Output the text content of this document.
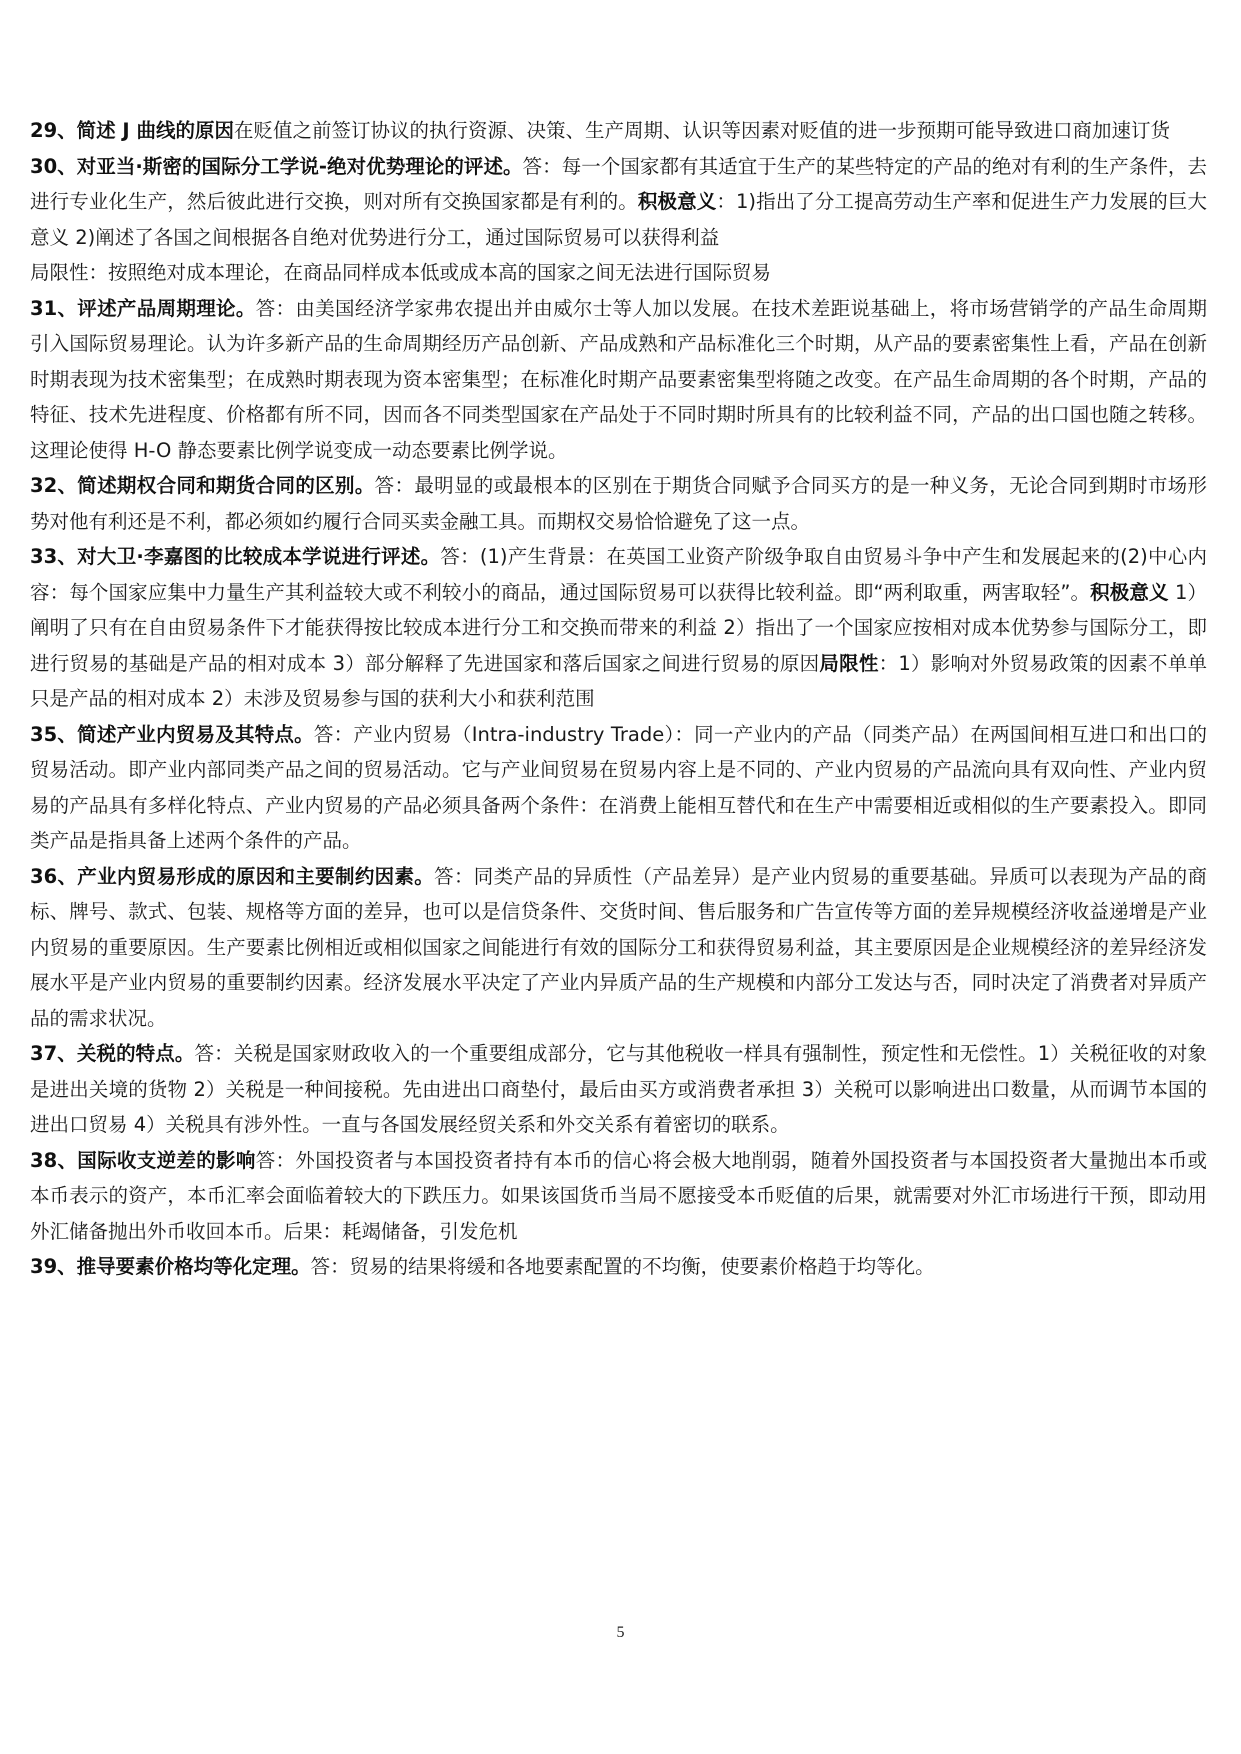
29、简述 J 曲线的原因在贬值之前签订协议的执行资源、决策、生产周期、认识等因素对贬值的进一步预期可能导致进口商加速订货

30、对亚当·斯密的国际分工学说-绝对优势理论的评述。答：每一个国家都有其适宜于生产的某些特定的产品的绝对有利的生产条件，去进行专业化生产，然后彼此进行交换，则对所有交换国家都是有利的。积极意义：1)指出了分工提高劳动生产率和促进生产力发展的巨大意义 2)阐述了各国之间根据各自绝对优势进行分工，通过国际贸易可以获得利益

局限性：按照绝对成本理论，在商品同样成本低或成本高的国家之间无法进行国际贸易

31、评述产品周期理论。答：由美国经济学家弗农提出并由威尔士等人加以发展。在技术差距说基础上，将市场营销学的产品生命周期引入国际贸易理论。认为许多新产品的生命周期经历产品创新、产品成熟和产品标准化三个时期，从产品的要素密集性上看，产品在创新时期表现为技术密集型；在成熟时期表现为资本密集型；在标准化时期产品要素密集型将随之改变。在产品生命周期的各个时期，产品的特征、技术先进程度、价格都有所不同，因而各不同类型国家在产品处于不同时期时所具有的比较利益不同，产品的出口国也随之转移。这理论使得 H-O 静态要素比例学说变成一动态要素比例学说。

32、简述期权合同和期货合同的区别。答：最明显的或最根本的区别在于期货合同赋予合同买方的是一种义务，无论合同到期时市场形势对他有利还是不利，都必须如约履行合同买卖金融工具。而期权交易恰恰避免了这一点。

33、对大卫·李嘉图的比较成本学说进行评述。答：(1)产生背景：在英国工业资产阶级争取自由贸易斗争中产生和发展起来的(2)中心内容：每个国家应集中力量生产其利益较大或不利较小的商品，通过国际贸易可以获得比较利益。即“两利取重，两害取轻”。积极意义 1）阐明了只有在自由贸易条件下才能获得按比较成本进行分工和交换而带来的利益 2）指出了一个国家应按相对成本优势参与国际分工，即进行贸易的基础是产品的相对成本 3）部分解释了先进国家和落后国家之间进行贸易的原因局限性：1）影响对外贸易政策的因素不单单只是产品的相对成本 2）未涉及贸易参与国的获利大小和获利范围

35、简述产业内贸易及其特点。答：产业内贸易（Intra-industry Trade）：同一产业内的产品（同类产品）在两国间相互进口和出口的贸易活动。即产业内部同类产品之间的贸易活动。它与产业间贸易在贸易内容上是不同的、产业内贸易的产品流向具有双向性、产业内贸易的产品具有多样化特点、产业内贸易的产品必须具备两个条件：在消费上能相互替代和在生产中需要相近或相似的生产要素投入。即同类产品是指具备上述两个条件的产品。

36、产业内贸易形成的原因和主要制约因素。答：同类产品的异质性（产品差异）是产业内贸易的重要基础。异质可以表现为产品的商标、牌号、款式、包装、规格等方面的差异，也可以是信贷条件、交货时间、售后服务和广告宣传等方面的差异规模经济收益递增是产业内贸易的重要原因。生产要素比例相近或相似国家之间能进行有效的国际分工和获得贸易利益，其主要原因是企业规模经济的差异经济发展水平是产业内贸易的重要制约因素。经济发展水平决定了产业内异质产品的生产规模和内部分工发达与否，同时决定了消费者对异质产品的需求状况。

37、关税的特点。答：关税是国家财政收入的一个重要组成部分，它与其他税收一样具有强制性，预定性和无偿性。1）关税征收的对象是进出关境的货物 2）关税是一种间接税。先由进出口商垫付，最后由买方或消费者承担 3）关税可以影响进出口数量，从而调节本国的进出口贸易 4）关税具有涉外性。一直与各国发展经贸关系和外交关系有着密切的联系。

38、国际收支逆差的影响答：外国投资者与本国投资者持有本币的信心将会极大地削弱，随着外国投资者与本国投资者大量抛出本币或本币表示的资产，本币汇率会面临着较大的下跌压力。如果该国货币当局不愿接受本币贬值的后果，就需要对外汇市场进行干预，即动用外汇储备抛出外币收回本币。后果：耗竭储备，引发危机

39、推导要素价格均等化定理。答：贸易的结果将缓和各地要素配置的不均衡，使要素价格趋于均等化。

5
